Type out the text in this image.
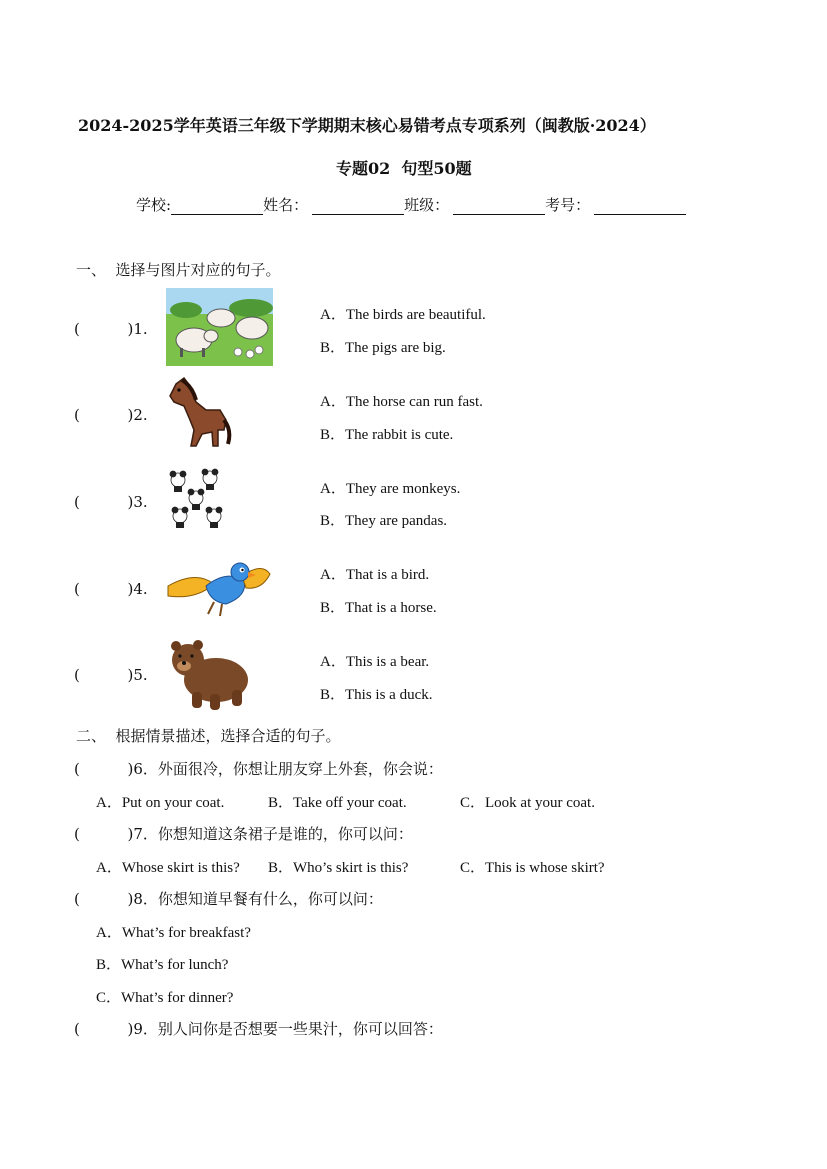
2024-2025学年英语三年级下学期期末核心易错考点专项系列（闽教版·2024）
专题02  句型50题
学校:	姓名：	班级：	考号：
一、  选择与图片对应的句子。
(          )1.
A．The birds are beautiful.
B．The pigs are big.
(          )2.
A．The horse can run fast.
B．The rabbit is cute.
(          )3.
A．They are monkeys.
B．They are pandas.
(          )4.
A．That is a bird.
B．That is a horse.
(          )5.
A．This is a bear.
B．This is a duck.
二、  根据情景描述，选择合适的句子。
(          )6．外面很冷，你想让朋友穿上外套，你会说：
A．Put on your coat.	B．Take off your coat.	C．Look at your coat.
(          )7．你想知道这条裙子是谁的，你可以问：
A．Whose skirt is this? B．Who’s skirt is this?	C．This is whose skirt?
(          )8．你想知道早餐有什么，你可以问：
A．What’s for breakfast?
B．What’s for lunch?
C．What’s for dinner?
(          )9．别人问你是否想要一些果汁，你可以回答：
